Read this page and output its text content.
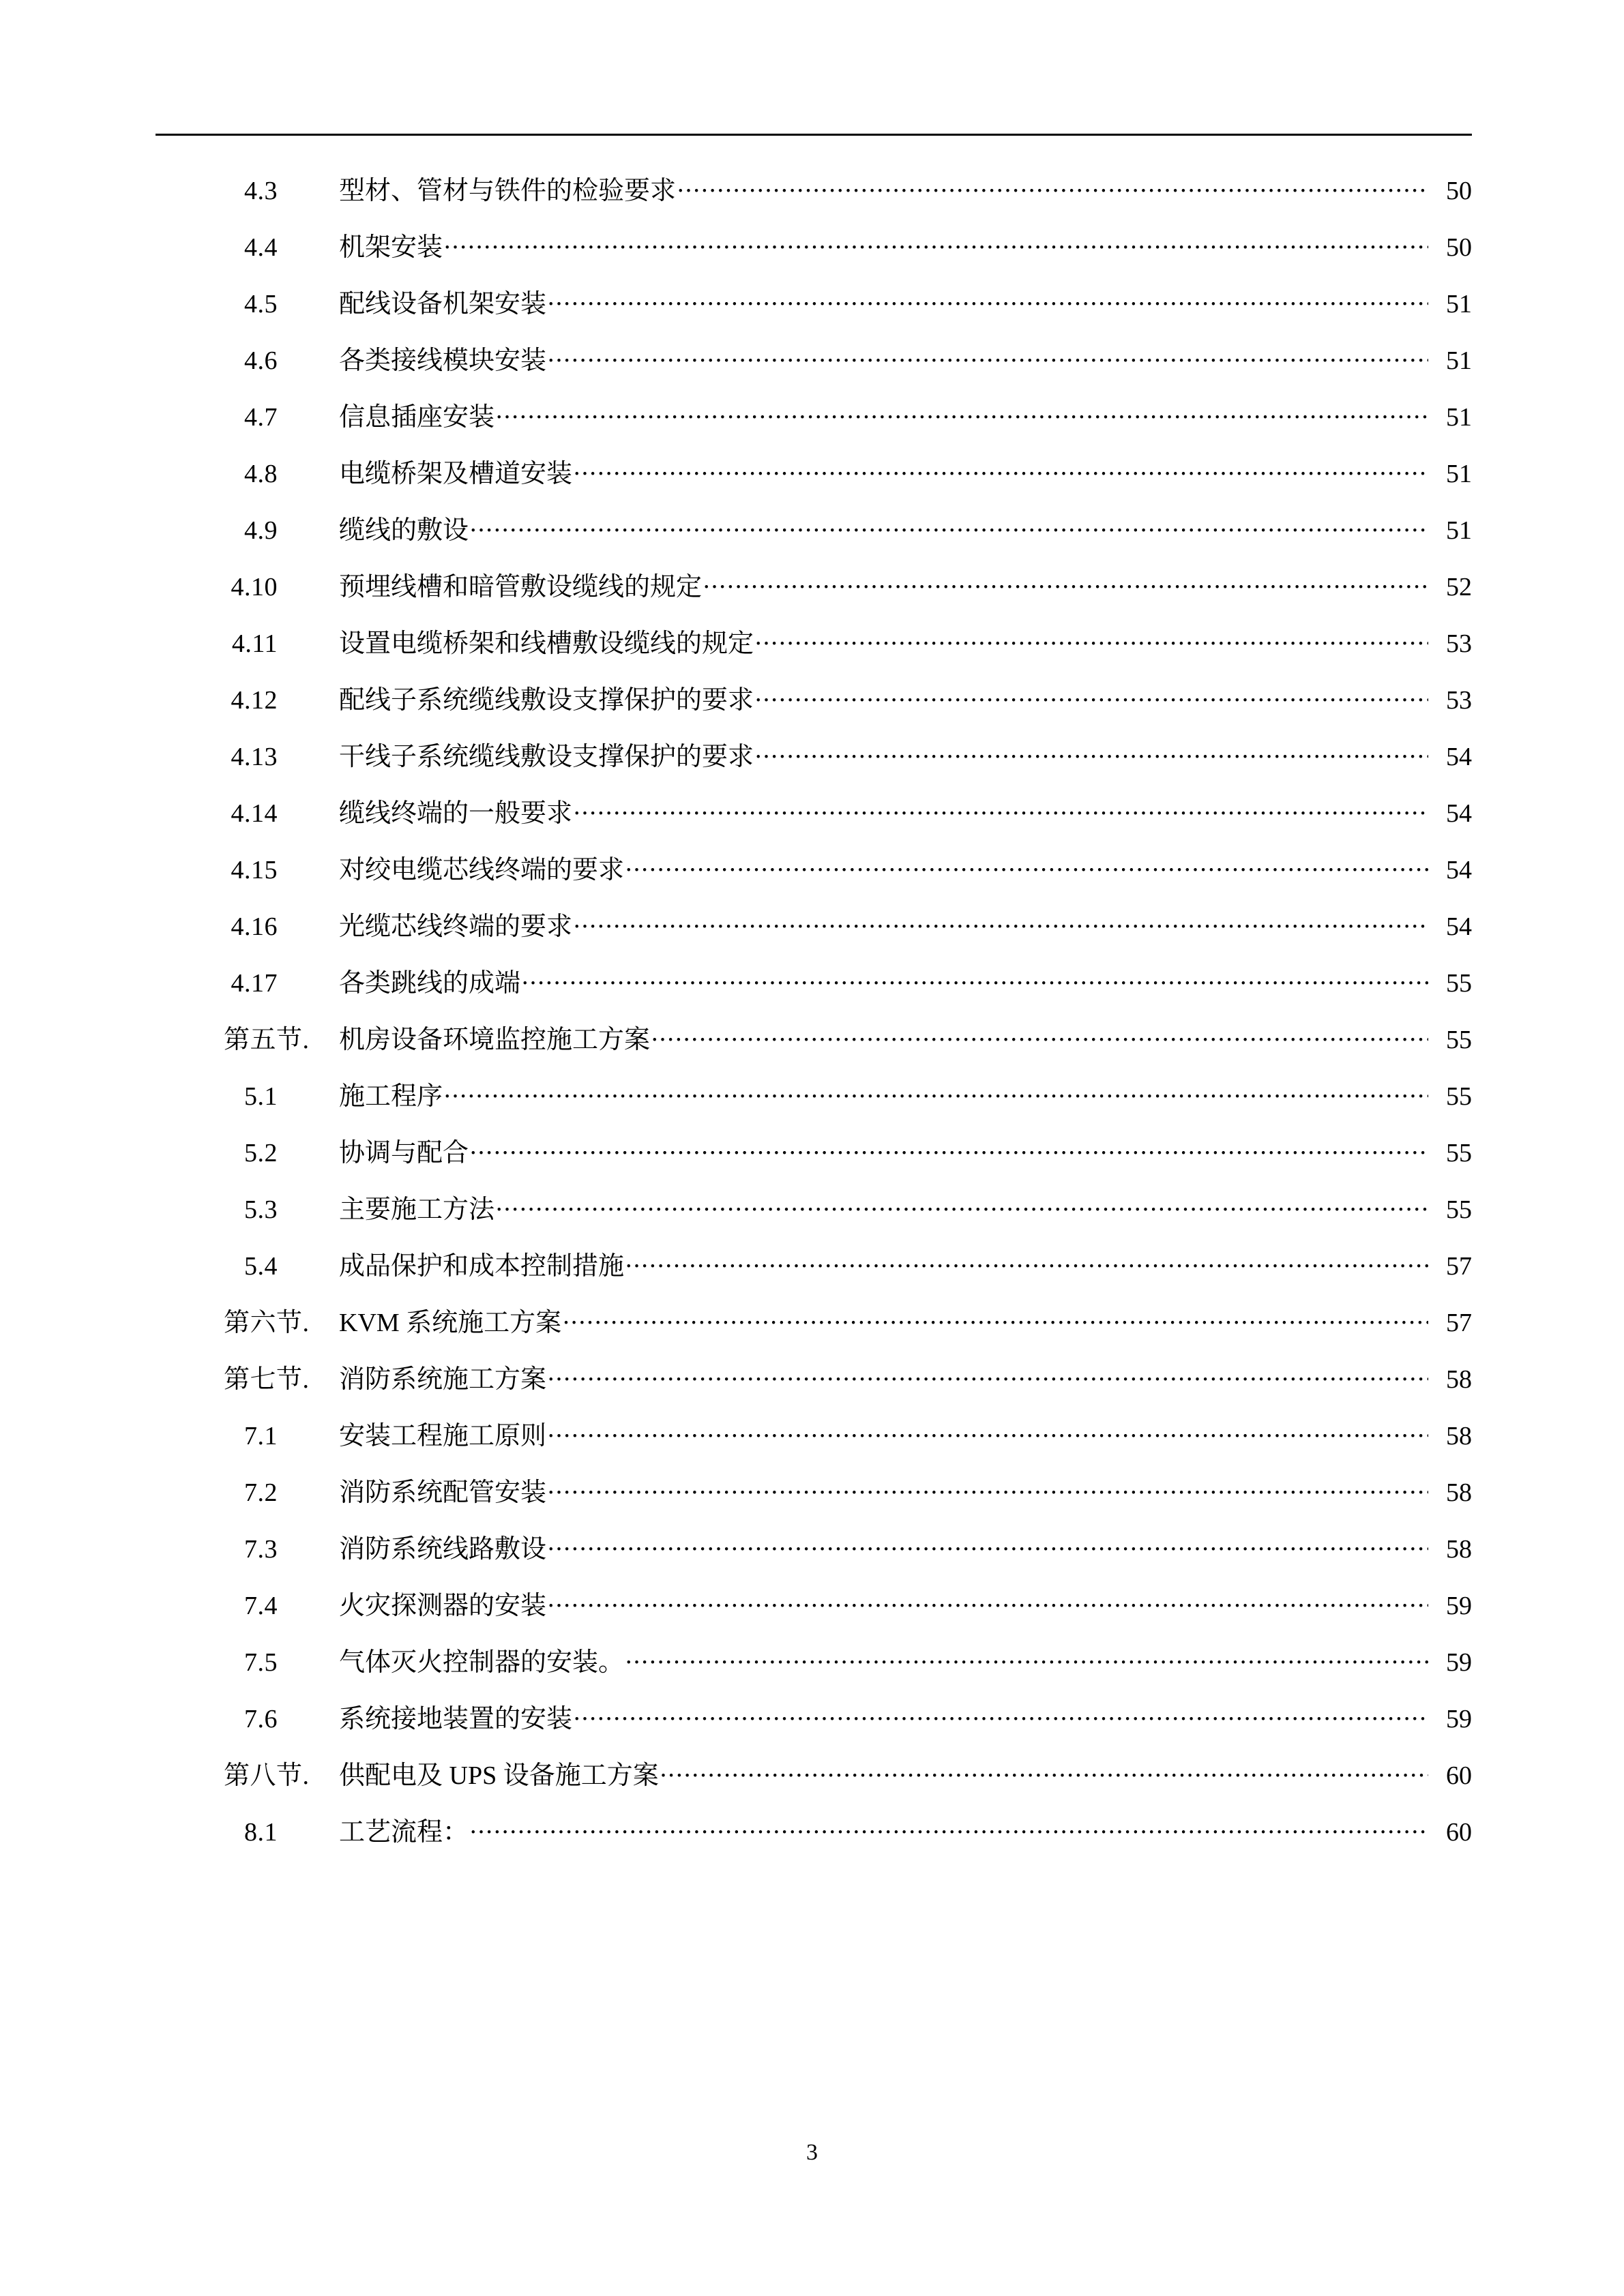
4.3	型材、管材与铁件的检验要求 .....	50
4.4	机架安装 .....	50
4.5	配线设备机架安装 .....	51
4.6	各类接线模块安装 .....	51
4.7	信息插座安装 .....	51
4.8	电缆桥架及槽道安装 .....	51
4.9	缆线的敷设 .....	51
4.10	预埋线槽和暗管敷设缆线的规定 .....	52
4.11	设置电缆桥架和线槽敷设缆线的规定 .....	53
4.12	配线子系统缆线敷设支撑保护的要求 .....	53
4.13	干线子系统缆线敷设支撑保护的要求 .....	54
4.14	缆线终端的一般要求 .....	54
4.15	对绞电缆芯线终端的要求 .....	54
4.16	光缆芯线终端的要求 .....	54
4.17	各类跳线的成端 .....	55
第五节.	机房设备环境监控施工方案 .....	55
5.1	施工程序 .....	55
5.2	协调与配合 .....	55
5.3	主要施工方法 .....	55
5.4	成品保护和成本控制措施 .....	57
第六节.	KVM 系统施工方案 .....	57
第七节.	消防系统施工方案 .....	58
7.1	安装工程施工原则 .....	58
7.2	消防系统配管安装 .....	58
7.3	消防系统线路敷设 .....	58
7.4	火灾探测器的安装 .....	59
7.5	气体灭火控制器的安装。 .....	59
7.6	系统接地装置的安装 .....	59
第八节.	供配电及 UPS 设备施工方案 .....	60
8.1	工艺流程： .....	60
3
